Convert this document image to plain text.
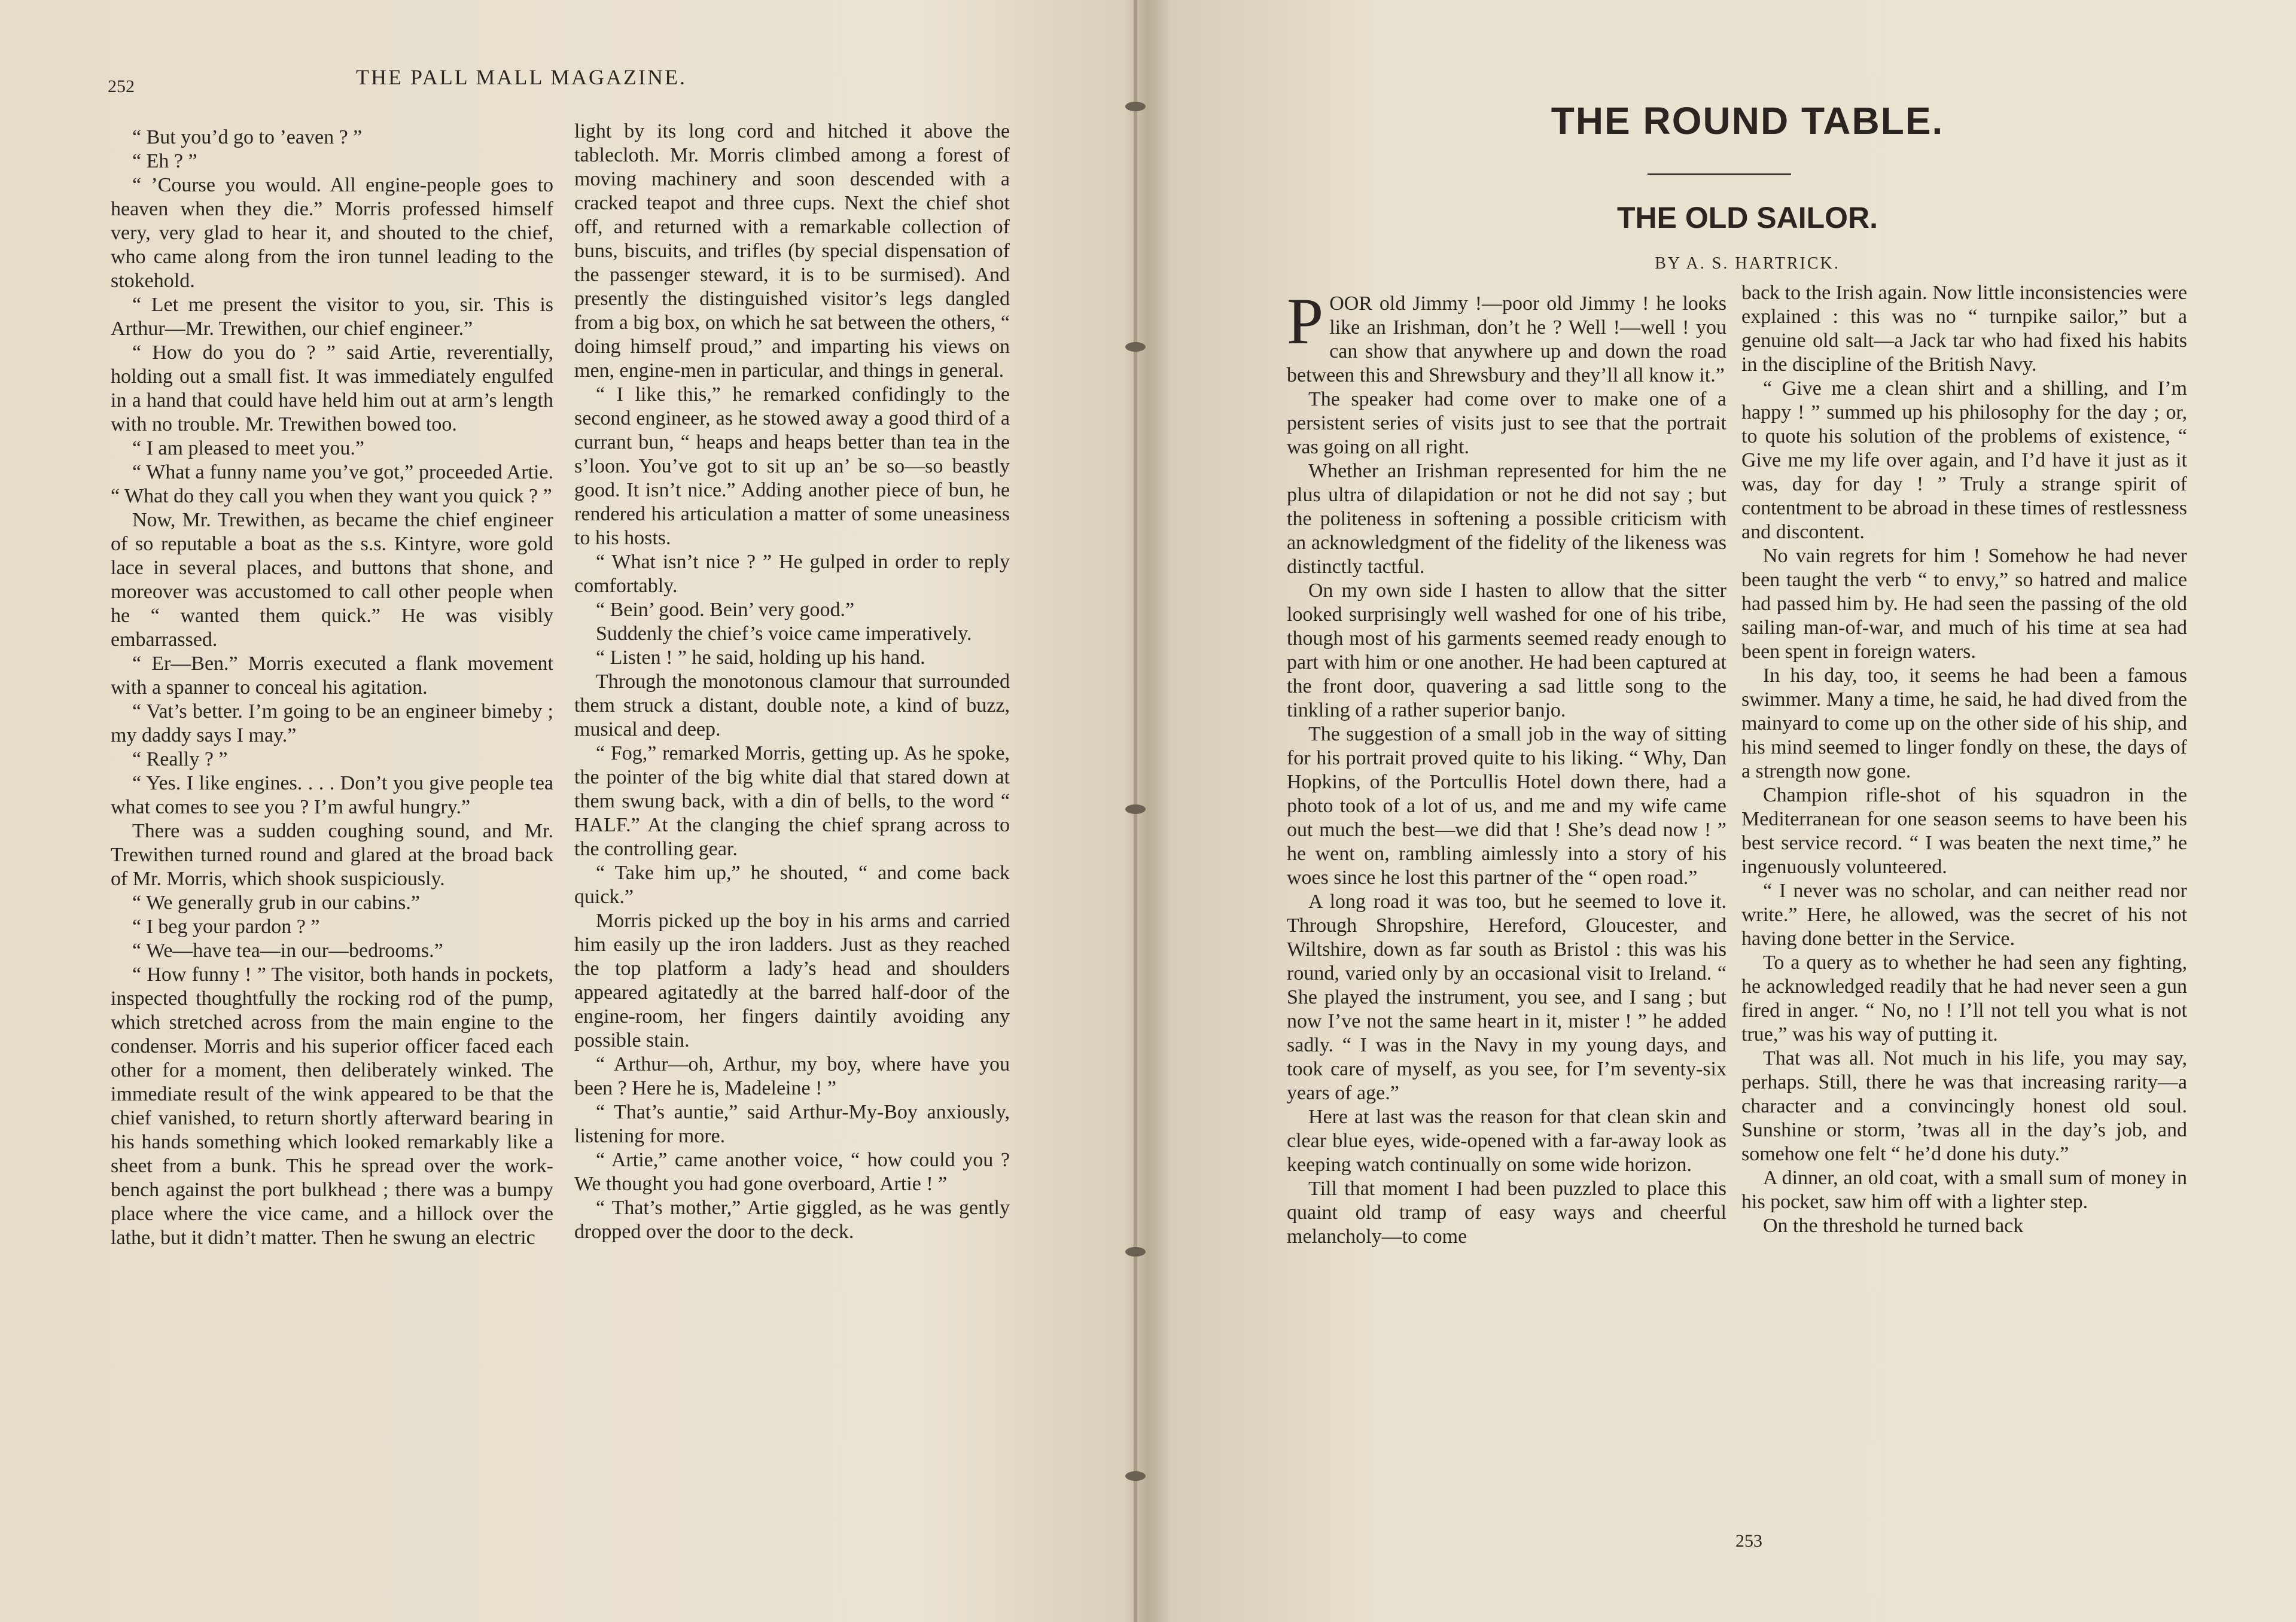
252	THE PALL MALL MAGAZINE.

“ But you’d go to ’eaven ? ”

“ Eh ? ”

“ ’Course you would. All engine-people goes to heaven when they die.” Morris professed himself very, very glad to hear it, and shouted to the chief, who came along from the iron tunnel leading to the stokehold.

“ Let me present the visitor to you, sir. This is Arthur—Mr. Trewithen, our chief engineer.”

“ How do you do ? ” said Artie, reverentially, holding out a small fist. It was immediately engulfed in a hand that could have held him out at arm’s length with no trouble. Mr. Trewithen bowed too.

“ I am pleased to meet you.”

“ What a funny name you’ve got,” proceeded Artie. “ What do they call you when they want you quick ? ”

Now, Mr. Trewithen, as became the chief engineer of so reputable a boat as the s.s. Kintyre, wore gold lace in several places, and buttons that shone, and moreover was accustomed to call other people when he “ wanted them quick.” He was visibly embarrassed.

“ Er—Ben.” Morris executed a flank movement with a spanner to conceal his agitation.

“ Vat’s better. I’m going to be an engineer bimeby ; my daddy says I may.”

“ Really ? ”

“ Yes. I like engines. . . . Don’t you give people tea what comes to see you ? I’m awful hungry.”

There was a sudden coughing sound, and Mr. Trewithen turned round and glared at the broad back of Mr. Morris, which shook suspiciously.

“ We generally grub in our cabins.”

“ I beg your pardon ? ”

“ We—have tea—in our—bedrooms.”

“ How funny ! ” The visitor, both hands in pockets, inspected thoughtfully the rocking rod of the pump, which stretched across from the main engine to the condenser. Morris and his superior officer faced each other for a moment, then deliberately winked. The immediate result of the wink appeared to be that the chief vanished, to return shortly afterward bearing in his hands something which looked remarkably like a sheet from a bunk. This he spread over the work-bench against the port bulkhead ; there was a bumpy place where the vice came, and a hillock over the lathe, but it didn’t matter. Then he swung an electric

light by its long cord and hitched it above the tablecloth. Mr. Morris climbed among a forest of moving machinery and soon descended with a cracked teapot and three cups. Next the chief shot off, and returned with a remarkable collection of buns, biscuits, and trifles (by special dispensation of the passenger steward, it is to be surmised). And presently the distinguished visitor’s legs dangled from a big box, on which he sat between the others, “ doing himself proud,” and imparting his views on men, engine-men in particular, and things in general.

“ I like this,” he remarked confidingly to the second engineer, as he stowed away a good third of a currant bun, “ heaps and heaps better than tea in the s’loon. You’ve got to sit up an’ be so—so beastly good. It isn’t nice.” Adding another piece of bun, he rendered his articulation a matter of some uneasiness to his hosts.

“ What isn’t nice ? ” He gulped in order to reply comfortably.

“ Bein’ good. Bein’ very good.”

Suddenly the chief’s voice came imperatively.

“ Listen ! ” he said, holding up his hand.

Through the monotonous clamour that surrounded them struck a distant, double note, a kind of buzz, musical and deep.

“ Fog,” remarked Morris, getting up. As he spoke, the pointer of the big white dial that stared down at them swung back, with a din of bells, to the word “ HALF.” At the clanging the chief sprang across to the controlling gear.

“ Take him up,” he shouted, “ and come back quick.”

Morris picked up the boy in his arms and carried him easily up the iron ladders. Just as they reached the top platform a lady’s head and shoulders appeared agitatedly at the barred half-door of the engine-room, her fingers daintily avoiding any possible stain.

“ Arthur—oh, Arthur, my boy, where have you been ? Here he is, Madeleine ! ”

“ That’s auntie,” said Arthur-My-Boy anxiously, listening for more.

“ Artie,” came another voice, “ how could you ? We thought you had gone overboard, Artie ! ”

“ That’s mother,” Artie giggled, as he was gently dropped over the door to the deck.

THE ROUND TABLE.
THE OLD SAILOR.
BY A. S. HARTRICK.

POOR old Jimmy !—poor old Jimmy ! he looks like an Irishman, don’t he ? Well !—well ! you can show that anywhere up and down the road between this and Shrewsbury and they’ll all know it.”

The speaker had come over to make one of a persistent series of visits just to see that the portrait was going on all right.

Whether an Irishman represented for him the ne plus ultra of dilapidation or not he did not say ; but the politeness in softening a possible criticism with an acknowledgment of the fidelity of the likeness was distinctly tactful.

On my own side I hasten to allow that the sitter looked surprisingly well washed for one of his tribe, though most of his garments seemed ready enough to part with him or one another. He had been captured at the front door, quavering a sad little song to the tinkling of a rather superior banjo.

The suggestion of a small job in the way of sitting for his portrait proved quite to his liking. “ Why, Dan Hopkins, of the Portcullis Hotel down there, had a photo took of a lot of us, and me and my wife came out much the best—we did that ! She’s dead now ! ” he went on, rambling aimlessly into a story of his woes since he lost this partner of the “ open road.”

A long road it was too, but he seemed to love it. Through Shropshire, Hereford, Gloucester, and Wiltshire, down as far south as Bristol : this was his round, varied only by an occasional visit to Ireland. “ She played the instrument, you see, and I sang ; but now I’ve not the same heart in it, mister ! ” he added sadly. “ I was in the Navy in my young days, and took care of myself, as you see, for I’m seventy-six years of age.”

Here at last was the reason for that clean skin and clear blue eyes, wide-opened with a far-away look as keeping watch continually on some wide horizon.

Till that moment I had been puzzled to place this quaint old tramp of easy ways and cheerful melancholy—to come

back to the Irish again. Now little inconsistencies were explained : this was no “ turnpike sailor,” but a genuine old salt—a Jack tar who had fixed his habits in the discipline of the British Navy.

“ Give me a clean shirt and a shilling, and I’m happy ! ” summed up his philosophy for the day ; or, to quote his solution of the problems of existence, “ Give me my life over again, and I’d have it just as it was, day for day ! ” Truly a strange spirit of contentment to be abroad in these times of restlessness and discontent.

No vain regrets for him ! Somehow he had never been taught the verb “ to envy,” so hatred and malice had passed him by. He had seen the passing of the old sailing man-of-war, and much of his time at sea had been spent in foreign waters.

In his day, too, it seems he had been a famous swimmer. Many a time, he said, he had dived from the mainyard to come up on the other side of his ship, and his mind seemed to linger fondly on these, the days of a strength now gone.

Champion rifle-shot of his squadron in the Mediterranean for one season seems to have been his best service record. “ I was beaten the next time,” he ingenuously volunteered.

“ I never was no scholar, and can neither read nor write.” Here, he allowed, was the secret of his not having done better in the Service.

To a query as to whether he had seen any fighting, he acknowledged readily that he had never seen a gun fired in anger. “ No, no ! I’ll not tell you what is not true,” was his way of putting it.

That was all. Not much in his life, you may say, perhaps. Still, there he was that increasing rarity—a character and a convincingly honest old soul. Sunshine or storm, ’twas all in the day’s job, and somehow one felt “ he’d done his duty.”

A dinner, an old coat, with a small sum of money in his pocket, saw him off with a lighter step.

On the threshold he turned back

253
